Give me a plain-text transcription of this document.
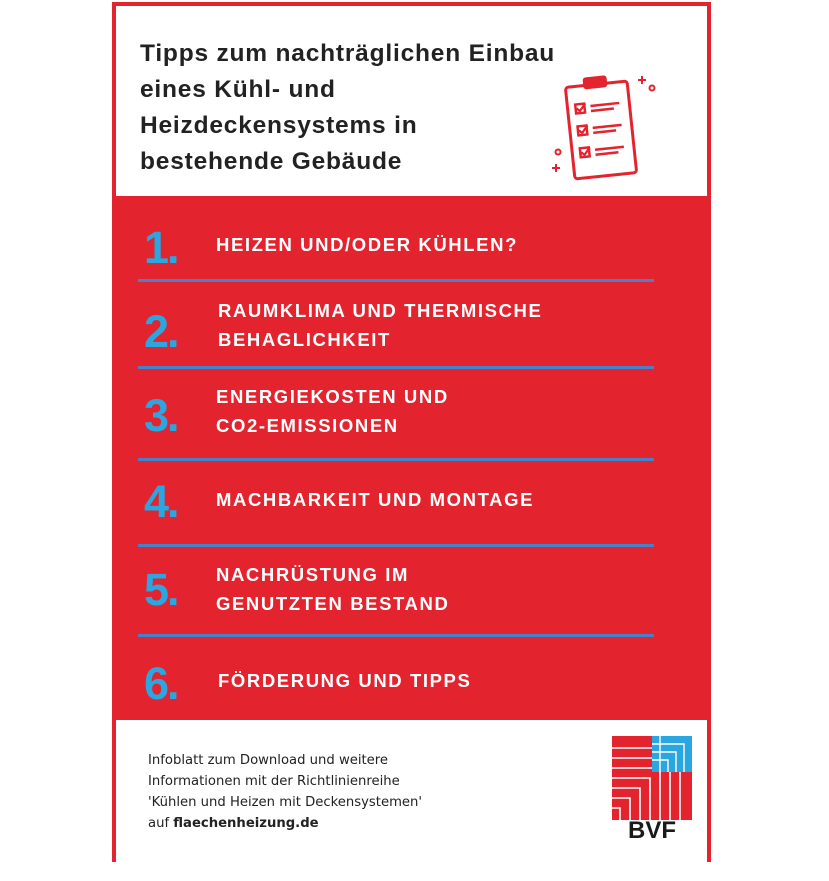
Tipps zum nachträglichen Einbau eines Kühl- und Heizdeckensystems in bestehende Gebäude
1. HEIZEN UND/ODER KÜHLEN?
2. RAUMKLIMA UND THERMISCHE
BEHAGLICHKEIT
3. ENERGIEKOSTEN UND
CO2-EMISSIONEN
4. MACHBARKEIT UND MONTAGE
5. NACHRÜSTUNG IM
GENUTZTEN BESTAND
6. FÖRDERUNG UND TIPPS
Infoblatt zum Download und weitere
Informationen mit der Richtlinienreihe
'Kühlen und Heizen mit Deckensystemen'
auf flaechenheizung.de	BVF
